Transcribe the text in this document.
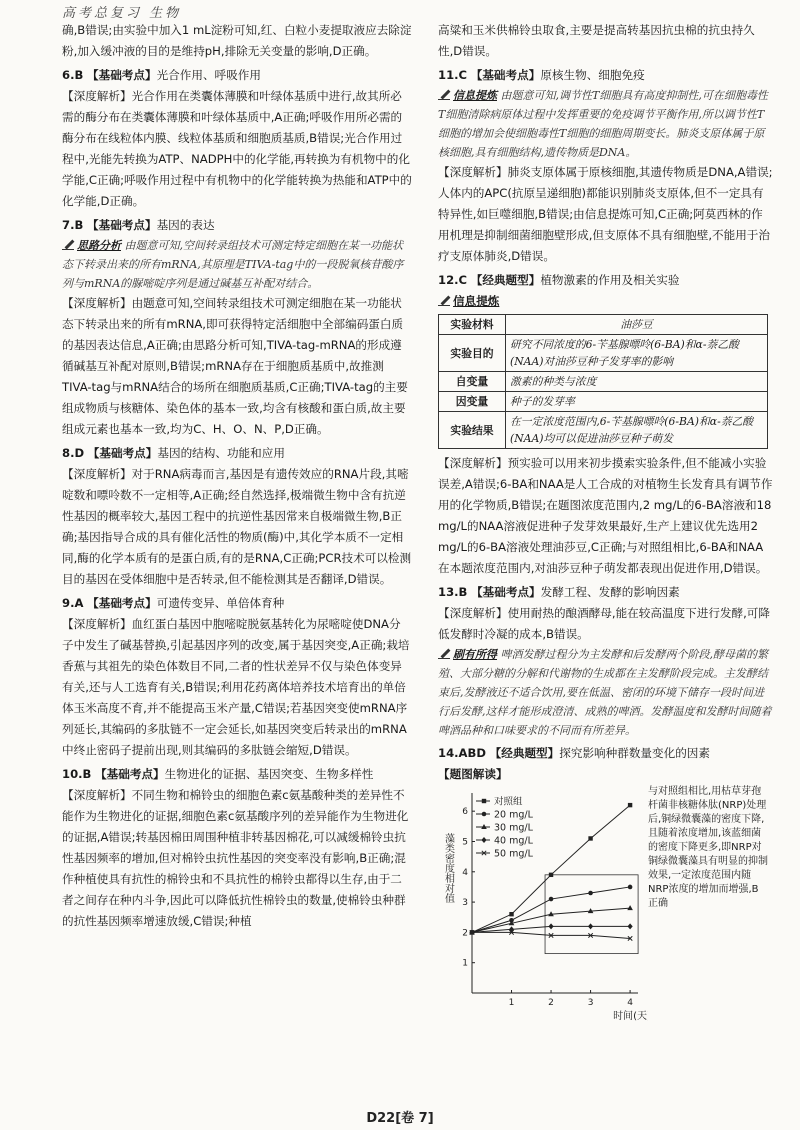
高考总复习 生物

确,B错误;由实验中加入1 mL淀粉可知,红、白粒小麦提取液应去除淀粉,加入缓冲液的目的是维持pH,排除无关变量的影响,D正确。

6.B 【基础考点】光合作用、呼吸作用

【深度解析】光合作用在类囊体薄膜和叶绿体基质中进行,故其所必需的酶分布在类囊体薄膜和叶绿体基质中,A正确;呼吸作用所必需的酶分布在线粒体内膜、线粒体基质和细胞质基质,B错误;光合作用过程中,光能先转换为ATP、NADPH中的化学能,再转换为有机物中的化学能,C正确;呼吸作用过程中有机物中的化学能转换为热能和ATP中的化学能,D正确。

7.B 【基础考点】基因的表达

思路分析 由题意可知,空间转录组技术可测定特定细胞在某一功能状态下转录出来的所有mRNA,其原理是TIVA-tag中的一段脱氧核苷酸序列与mRNA的脲嘧啶序列是通过碱基互补配对结合。

【深度解析】由题意可知,空间转录组技术可测定细胞在某一功能状态下转录出来的所有mRNA,即可获得特定活细胞中全部编码蛋白质的基因表达信息,A正确;由思路分析可知,TIVA-tag-mRNA的形成遵循碱基互补配对原则,B错误;mRNA存在于细胞质基质中,故推测TIVA-tag与mRNA结合的场所在细胞质基质,C正确;TIVA-tag的主要组成物质与核糖体、染色体的基本一致,均含有核酸和蛋白质,故主要组成元素也基本一致,均为C、H、O、N、P,D正确。

8.D 【基础考点】基因的结构、功能和应用

【深度解析】对于RNA病毒而言,基因是有遗传效应的RNA片段,其嘧啶数和嘌呤数不一定相等,A正确;经自然选择,极端微生物中含有抗逆性基因的概率较大,基因工程中的抗逆性基因常来自极端微生物,B正确;基因指导合成的具有催化活性的物质(酶)中,其化学本质不一定相同,酶的化学本质有的是蛋白质,有的是RNA,C正确;PCR技术可以检测目的基因在受体细胞中是否转录,但不能检测其是否翻译,D错误。

9.A 【基础考点】可遗传变异、单倍体育种

【深度解析】血红蛋白基因中胞嘧啶脱氨基转化为尿嘧啶使DNA分子中发生了碱基替换,引起基因序列的改变,属于基因突变,A正确;栽培香蕉与其祖先的染色体数目不同,二者的性状差异不仅与染色体变异有关,还与人工选育有关,B错误;利用花药离体培养技术培育出的单倍体玉米高度不育,并不能提高玉米产量,C错误;若基因突变使mRNA序列延长,其编码的多肽链不一定会延长,如基因突变后转录出的mRNA中终止密码子提前出现,则其编码的多肽链会缩短,D错误。

10.B 【基础考点】生物进化的证据、基因突变、生物多样性

【深度解析】不同生物和棉铃虫的细胞色素c氨基酸种类的差异性不能作为生物进化的证据,细胞色素c氨基酸序列的差异能作为生物进化的证据,A错误;转基因棉田周围种植非转基因棉花,可以减缓棉铃虫抗性基因频率的增加,但对棉铃虫抗性基因的突变率没有影响,B正确;混作种植使具有抗性的棉铃虫和不具抗性的棉铃虫都得以生存,由于二者之间存在种内斗争,因此可以降低抗性棉铃虫的数量,使棉铃虫种群的抗性基因频率增速放缓,C错误;种植

高粱和玉米供棉铃虫取食,主要是提高转基因抗虫棉的抗虫持久性,D错误。

11.C 【基础考点】原核生物、细胞免疫

信息提炼 由题意可知,调节性T细胞具有高度抑制性,可在细胞毒性T细胞清除病原体过程中发挥重要的免疫调节平衡作用,所以调节性T细胞的增加会使细胞毒性T细胞的细胞周期变长。肺炎支原体属于原核细胞,具有细胞结构,遗传物质是DNA。

【深度解析】肺炎支原体属于原核细胞,其遗传物质是DNA,A错误;人体内的APC(抗原呈递细胞)都能识别肺炎支原体,但不一定具有特异性,如巨噬细胞,B错误;由信息提炼可知,C正确;阿莫西林的作用机理是抑制细菌细胞壁形成,但支原体不具有细胞壁,不能用于治疗支原体肺炎,D错误。

12.C 【经典题型】植物激素的作用及相关实验

信息提炼

实验材料	油莎豆
实验目的	研究不同浓度的6-苄基腺嘌呤(6-BA)和α-萘乙酸(NAA)对油莎豆种子发芽率的影响
自变量	激素的种类与浓度
因变量	种子的发芽率
实验结果	在一定浓度范围内,6-苄基腺嘌呤(6-BA)和α-萘乙酸(NAA)均可以促进油莎豆种子萌发

【深度解析】预实验可以用来初步摸索实验条件,但不能减小实验误差,A错误;6-BA和NAA是人工合成的对植物生长发育具有调节作用的化学物质,B错误;在题图浓度范围内,2 mg/L的6-BA溶液和18 mg/L的NAA溶液促进种子发芽效果最好,生产上建议优先选用2 mg/L的6-BA溶液处理油莎豆,C正确;与对照组相比,6-BA和NAA在本题浓度范围内,对油莎豆种子萌发都表现出促进作用,D错误。

13.B 【基础考点】发酵工程、发酵的影响因素

【深度解析】使用耐热的酿酒酵母,能在较高温度下进行发酵,可降低发酵时冷凝的成本,B错误。

刷有所得 啤酒发酵过程分为主发酵和后发酵两个阶段,酵母菌的繁殖、大部分糖的分解和代谢物的生成都在主发酵阶段完成。主发酵结束后,发酵液还不适合饮用,要在低温、密闭的环境下储存一段时间进行后发酵,这样才能形成澄清、成熟的啤酒。发酵温度和发酵时间随着啤酒品种和口味要求的不同而有所差异。

14.ABD 【经典题型】探究影响种群数量变化的因素

【题图解读】

1
2
3
4
5
6
1	2	3	4
时间(天)
藻类密度相对值
对照组
20 mg/L
30 mg/L
40 mg/L
50 mg/L
与对照组相比,用枯草芽孢杆菌非核糖体肽(NRP)处理后,铜绿微囊藻的密度下降,且随着浓度增加,该蓝细菌的密度下降更多,即NRP对铜绿微囊藻具有明显的抑制效果,一定浓度范围内随NRP浓度的增加而增强,B正确
D22[卷 7]
